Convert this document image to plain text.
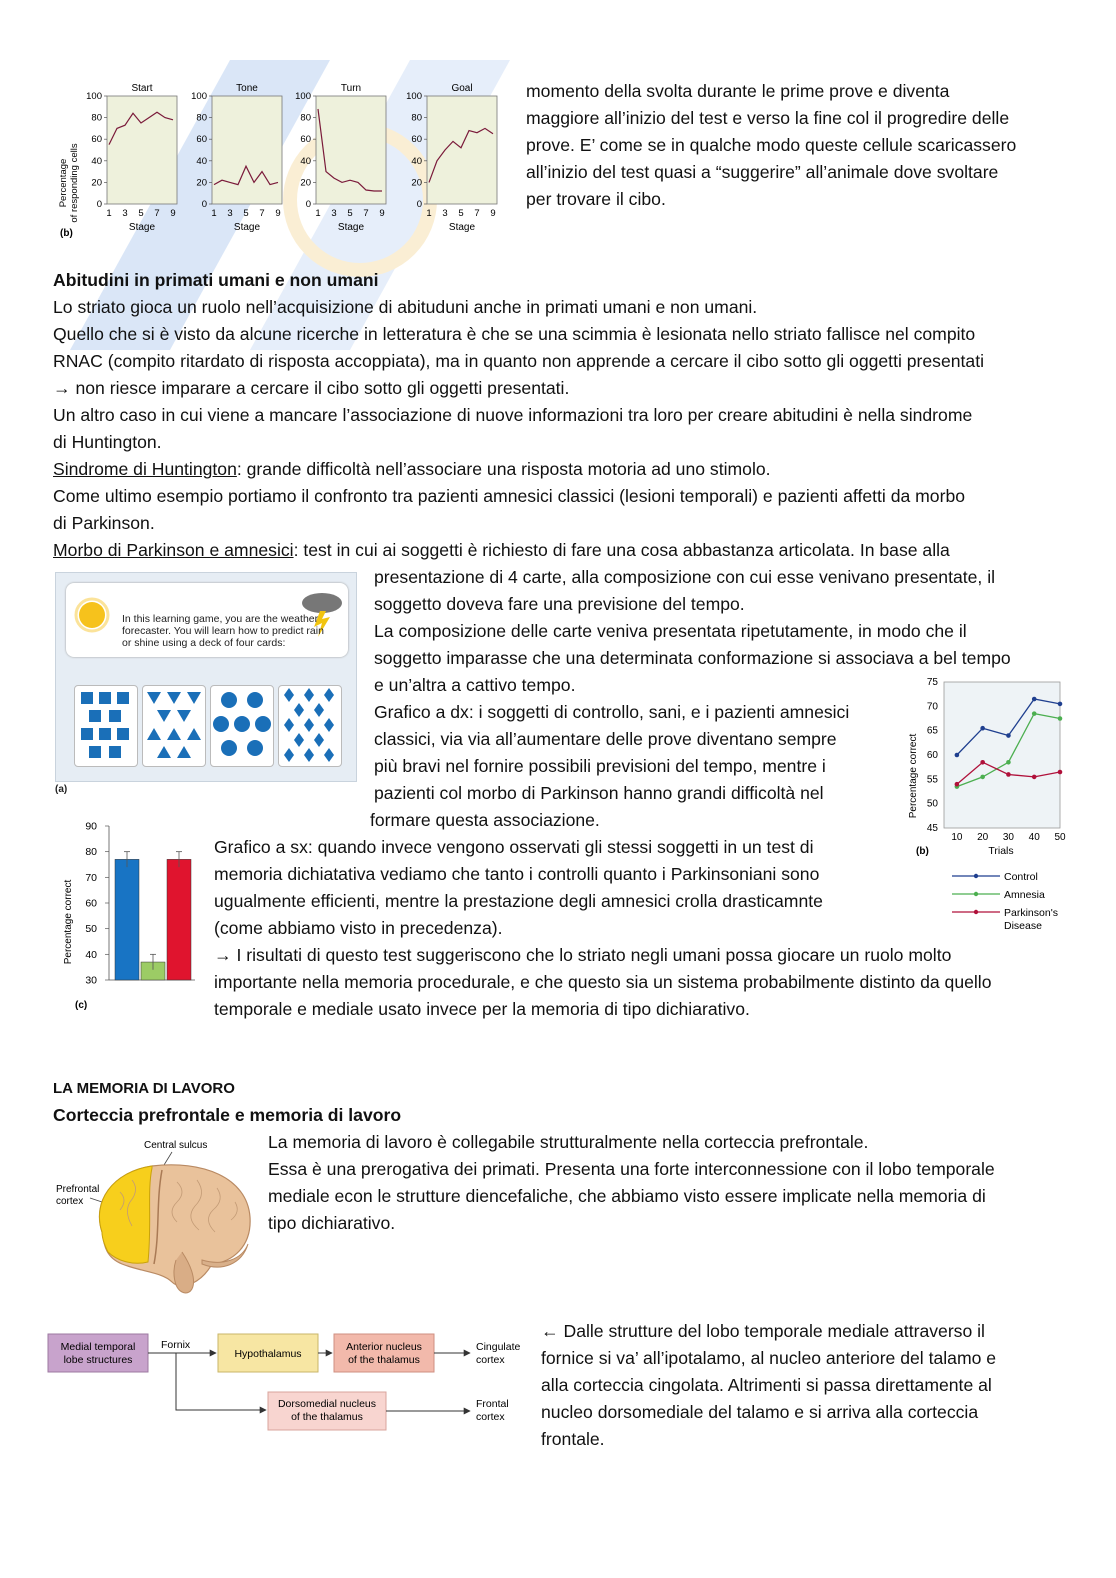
Percentage of responding cells
(b)
Start
100
80
60
40
20
0
1 3 5 7 9
Stage
Tone
100
80
60
40
20
0
1 3 5 7 9
Stage
Turn
100
80
60
40
20
0
1 3 5 7 9
Stage
Goal
100
80
60
40
20
0
1 3 5 7 9
Stage
momento della svolta durante le prime prove e diventa
maggiore all’inizio del test e verso la fine col il progredire delle
prove. E’ come se in qualche modo queste cellule scaricassero
all’inizio del test quasi a “suggerire” all’animale dove svoltare
per trovare il cibo.
Abitudini in primati umani e non umani
Lo striato gioca un ruolo nell’acquisizione di abituduni anche in primati umani e non umani.
Quello che si è visto da alcune ricerche in letteratura è che se una scimmia è lesionata nello striato fallisce nel compito
RNAC (compito ritardato di risposta accoppiata), ma in quanto non apprende a cercare il cibo sotto gli oggetti presentati
→ non riesce imparare a cercare il cibo sotto gli oggetti presentati.
Un altro caso in cui viene a mancare l’associazione di nuove informazioni tra loro per creare abitudini è nella sindrome
di Huntington.
Sindrome di Huntington: grande difficoltà nell’associare una risposta motoria ad uno stimolo.
Come ultimo esempio portiamo il confronto tra pazienti amnesici classici (lesioni temporali) e pazienti affetti da morbo
di Parkinson.
Morbo di Parkinson e amnesici: test in cui ai soggetti è richiesto di fare una cosa abbastanza articolata. In base alla
In this learning game, you are the weather
forecaster. You will learn how to predict rain
or shine using a deck of four cards:
(a)
presentazione di 4 carte, alla composizione con cui esse venivano presentate, il
soggetto doveva fare una previsione del tempo.
La composizione delle carte veniva presentata ripetutamente, in modo che il
soggetto imparasse che una determinata conformazione si associava a bel tempo
e un’altra a cattivo tempo.
Grafico a dx: i soggetti di controllo, sani, e i pazienti amnesici
classici, via via all’aumentare delle prove diventano sempre
più bravi nel fornire possibili previsioni del tempo, mentre i
pazienti col morbo di Parkinson hanno grandi difficoltà nel
formare questa associazione.
Percentage correct
Trials
(b)
45
50
55
60
65
70
75
10 20 30 40 50
Control
Amnesia
Parkinson's
Disease
Percentage correct
(c)
30
40
50
60
70
80
90
Grafico a sx: quando invece vengono osservati gli stessi soggetti in un test di
memoria dichiatativa vediamo che tanto i controlli quanto i Parkinsoniani sono
ugualmente efficienti, mentre la prestazione degli amnesici crolla drasticamnte
(come abbiamo visto in precedenza).
→ I risultati di questo test suggeriscono che lo striato negli umani possa giocare un ruolo molto
importante nella memoria procedurale, e che questo sia un sistema probabilmente distinto da quello
temporale e mediale usato invece per la memoria di tipo dichiarativo.
LA MEMORIA DI LAVORO
Corteccia prefrontale e memoria di lavoro
La memoria di lavoro è collegabile strutturalmente nella corteccia prefrontale.
Essa è una prerogativa dei primati. Presenta una forte interconnessione con il lobo temporale
mediale econ le strutture diencefaliche, che abbiamo visto essere implicate nella memoria di
tipo dichiarativo.
Central sulcus
Prefrontal
cortex
Medial temporal
lobe structures
Fornix
Hypothalamus
Anterior nucleus
of the thalamus
Cingulate
cortex
Dorsomedial nucleus
of the thalamus
Frontal
cortex
← Dalle strutture del lobo temporale mediale attraverso il
fornice si va’ all’ipotalamo, al nucleo anteriore del talamo e
alla corteccia cingolata. Altrimenti si passa direttamente al
nucleo dorsomediale del talamo e si arriva alla corteccia
frontale.
